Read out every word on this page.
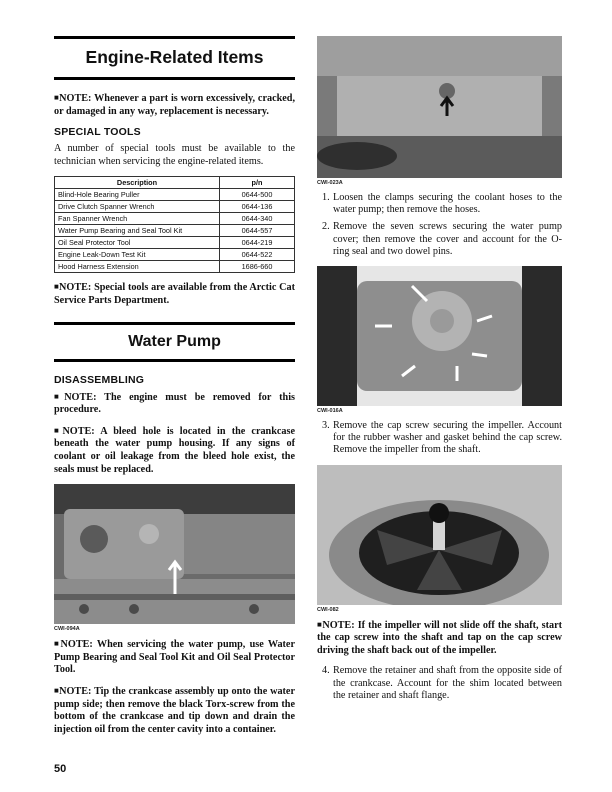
Engine-Related Items

■NOTE: Whenever a part is worn excessively, cracked, or damaged in any way, replacement is necessary.

SPECIAL TOOLS

A number of special tools must be available to the technician when servicing the engine-related items.

Description	p/n
Blind-Hole Bearing Puller	0644-500
Drive Clutch Spanner Wrench	0644-136
Fan Spanner Wrench	0644-340
Water Pump Bearing and Seal Tool Kit	0644-557
Oil Seal Protector Tool	0644-219
Engine Leak-Down Test Kit	0644-522
Hood Harness Extension	1686-660

■NOTE: Special tools are available from the Arctic Cat Service Parts Department.

Water Pump
DISASSEMBLING

■NOTE: The engine must be removed for this procedure.

■NOTE: A bleed hole is located in the crankcase beneath the water pump housing. If any signs of coolant or oil leakage from the bleed hole exist, the seals must be replaced.

CWI-094A

■NOTE: When servicing the water pump, use Water Pump Bearing and Seal Tool Kit and Oil Seal Protector Tool.

■NOTE: Tip the crankcase assembly up onto the water pump side; then remove the black Torx-screw from the bottom of the crankcase and tip down and drain the injection oil from the center cavity into a container.

CWI-023A
1. Loosen the clamps securing the coolant hoses to the water pump; then remove the hoses.
2. Remove the seven screws securing the water pump cover; then remove the cover and account for the O-ring seal and two dowel pins.
CWI-016A
3. Remove the cap screw securing the impeller. Account for the rubber washer and gasket behind the cap screw. Remove the impeller from the shaft.
CWI-082

■NOTE: If the impeller will not slide off the shaft, start the cap screw into the shaft and tap on the cap screw driving the shaft back out of the impeller.

4. Remove the retainer and shaft from the opposite side of the crankcase. Account for the shim located between the retainer and shaft flange.
50
